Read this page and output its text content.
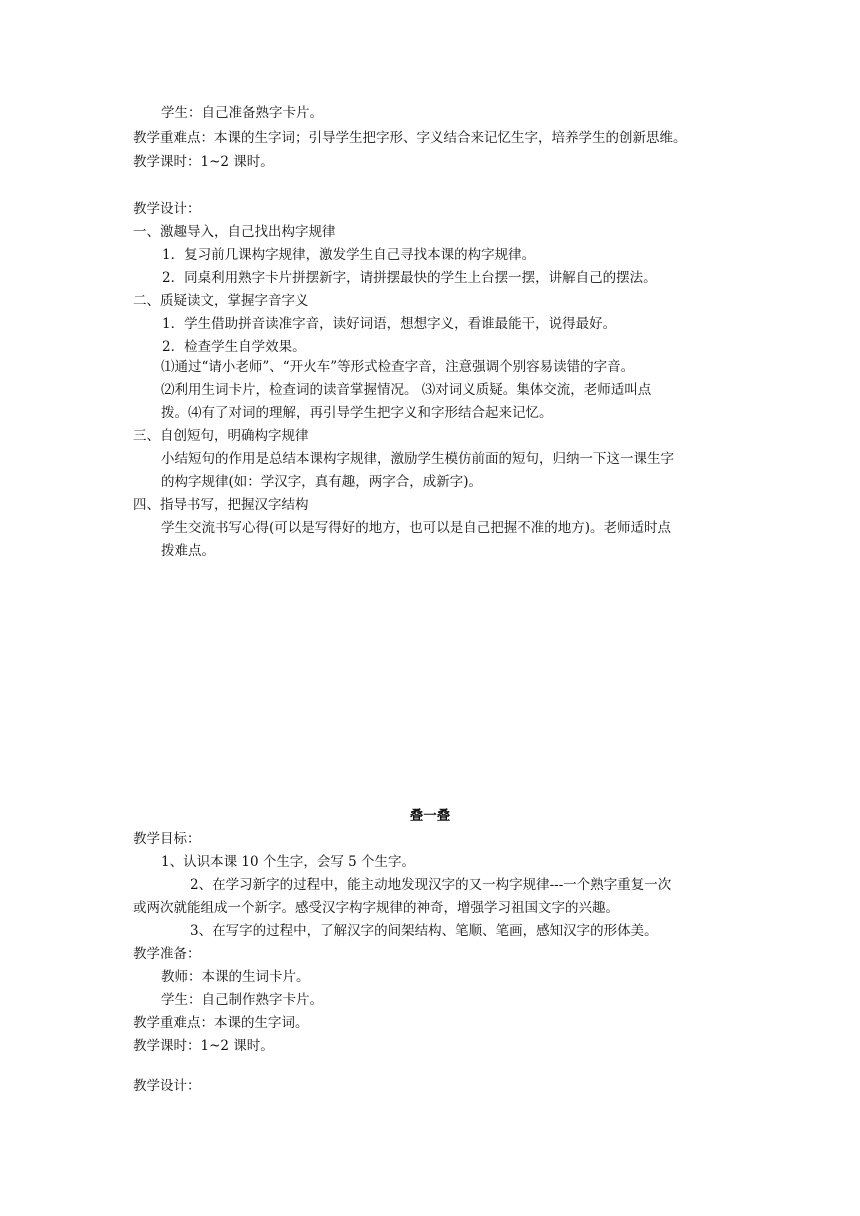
学生：自己准备熟字卡片。
教学重难点：本课的生字词；引导学生把字形、字义结合来记忆生字，培养学生的创新思维。
教学课时：1~2 课时。
教学设计：
一、激趣导入，自己找出构字规律
1．复习前几课构字规律，激发学生自己寻找本课的构字规律。
2．同桌利用熟字卡片拼摆新字，请拼摆最快的学生上台摆一摆，讲解自己的摆法。
二、质疑读文，掌握字音字义
1．学生借助拼音读准字音，读好词语，想想字义，看谁最能干，说得最好。
2．检查学生自学效果。
⑴通过“请小老师”、“开火车”等形式检查字音，注意强调个别容易读错的字音。
⑵利用生词卡片，检查词的读音掌握情况。 ⑶对词义质疑。集体交流，老师适叫点
拨。⑷有了对词的理解，再引导学生把字义和字形结合起来记忆。
三、自创短句，明确构字规律
小结短句的作用是总结本课构字规律，激励学生模仿前面的短句，归纳一下这一课生字
的构字规律(如：学汉字，真有趣，两字合，成新字)。
四、指导书写，把握汉字结构
学生交流书写心得(可以是写得好的地方，也可以是自己把握不准的地方)。老师适时点
拨难点。
叠一叠
教学目标：
1、认识本课 10 个生字，会写 5 个生字。
2、在学习新字的过程中，能主动地发现汉字的又一构字规律---一个熟字重复一次
或两次就能组成一个新字。感受汉字构字规律的神奇，增强学习祖国文字的兴趣。
3、在写字的过程中，了解汉字的间架结构、笔顺、笔画，感知汉字的形体美。
教学准备：
教师：本课的生词卡片。
学生：自己制作熟字卡片。
教学重难点：本课的生字词。
教学课时：1~2 课时。
教学设计：
